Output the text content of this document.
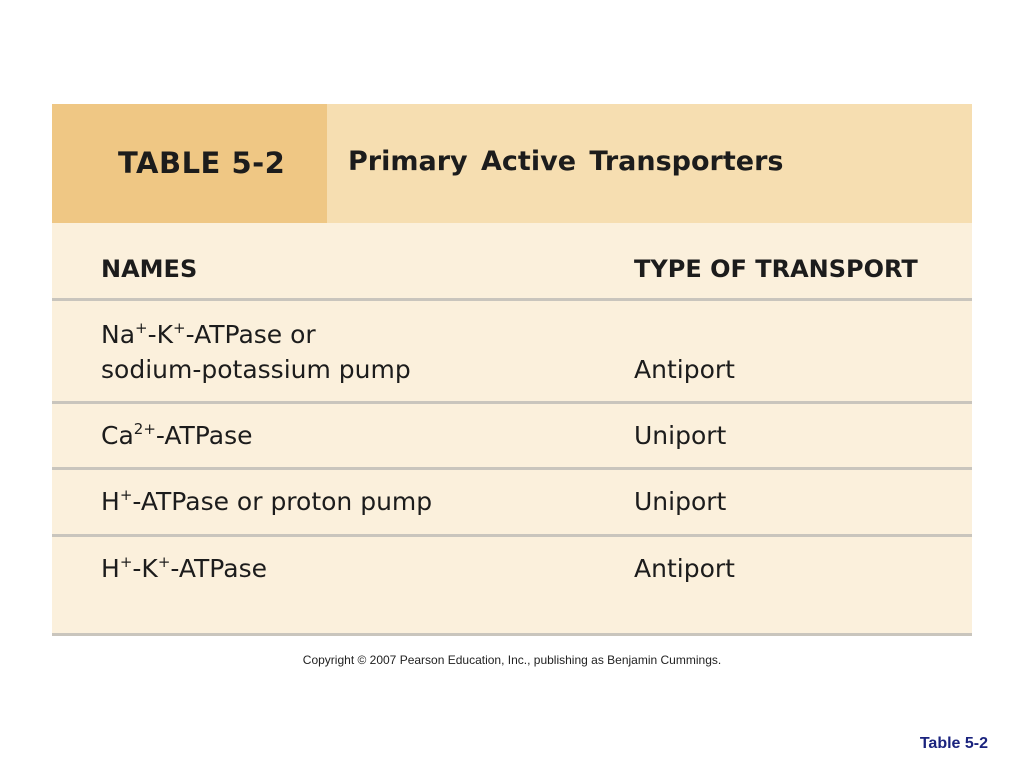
TABLE 5-2 Primary Active Transporters
NAMES	TYPE OF TRANSPORT
Na+-K+-ATPase or
sodium-potassium pump	Antiport
$Ca^{2+}$-ATPase	Uniport
H+-ATPase or proton pump	Uniport
H+-K+-ATPase	Antiport
Copyright © 2007 Pearson Education, Inc., publishing as Benjamin Cummings.
Table 5-2
